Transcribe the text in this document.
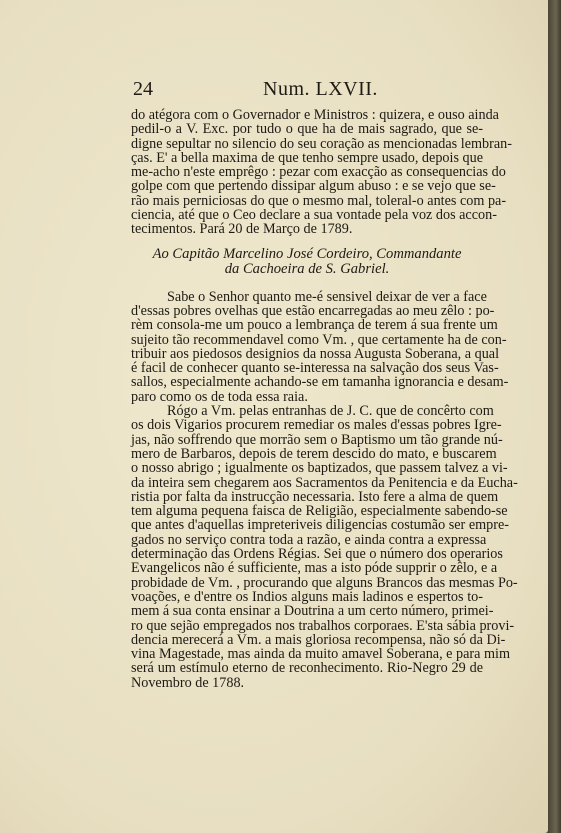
24	Num. LXVII.
do atégora com o Governador e Ministros : quizera, e ouso ainda
pedil-o a V. Exc. por tudo o que ha de mais sagrado, que se-
digne sepultar no silencio do seu coração as mencionadas lembran-
ças. E' a bella maxima de que tenho sempre usado, depois que
me-acho n'este emprêgo : pezar com exacção as consequencias do
golpe com que pertendo dissipar algum abuso : e se vejo que se-
rão mais perniciosas do que o mesmo mal, toleral-o antes com pa-
ciencia, até que o Ceo declare a sua vontade pela voz dos accon-
tecimentos. Pará 20 de Março de 1789.
Ao Capitão Marcelino José Cordeiro, Commandante
da Cachoeira de S. Gabriel.
Sabe o Senhor quanto me-é sensivel deixar de ver a face
d'essas pobres ovelhas que estão encarregadas ao meu zêlo : po-
rèm consola-me um pouco a lembrança de terem á sua frente um
sujeito tão recommendavel como Vm. , que certamente ha de con-
tribuir aos piedosos designios da nossa Augusta Soberana, a qual
é facil de conhecer quanto se-interessa na salvação dos seus Vas-
sallos, especialmente achando-se em tamanha ignorancia e desam-
paro como os de toda essa raia.
Rógo a Vm. pelas entranhas de J. C. que de concêrto com
os dois Vigarios procurem remediar os males d'essas pobres Igre-
jas, não soffrendo que morrão sem o Baptismo um tão grande nú-
mero de Barbaros, depois de terem descido do mato, e buscarem
o nosso abrigo ; igualmente os baptizados, que passem talvez a vi-
da inteira sem chegarem aos Sacramentos da Penitencia e da Eucha-
ristia por falta da instrucção necessaria. Isto fere a alma de quem
tem alguma pequena faisca de Religião, especialmente sabendo-se
que antes d'aquellas impreteriveis diligencias costumão ser empre-
gados no serviço contra toda a razão, e ainda contra a expressa
determinação das Ordens Régias. Sei que o número dos operarios
Evangelicos não é sufficiente, mas a isto póde supprir o zêlo, e a
probidade de Vm. , procurando que alguns Brancos das mesmas Po-
voações, e d'entre os Indios alguns mais ladinos e espertos to-
mem á sua conta ensinar a Doutrina a um certo número, primei-
ro que sejão empregados nos trabalhos corporaes. E'sta sábia provi-
dencia merecerá a Vm. a mais gloriosa recompensa, não só da Di-
vina Magestade, mas ainda da muito amavel Soberana, e para mim
será um estímulo eterno de reconhecimento. Rio-Negro 29 de
Novembro de 1788.
